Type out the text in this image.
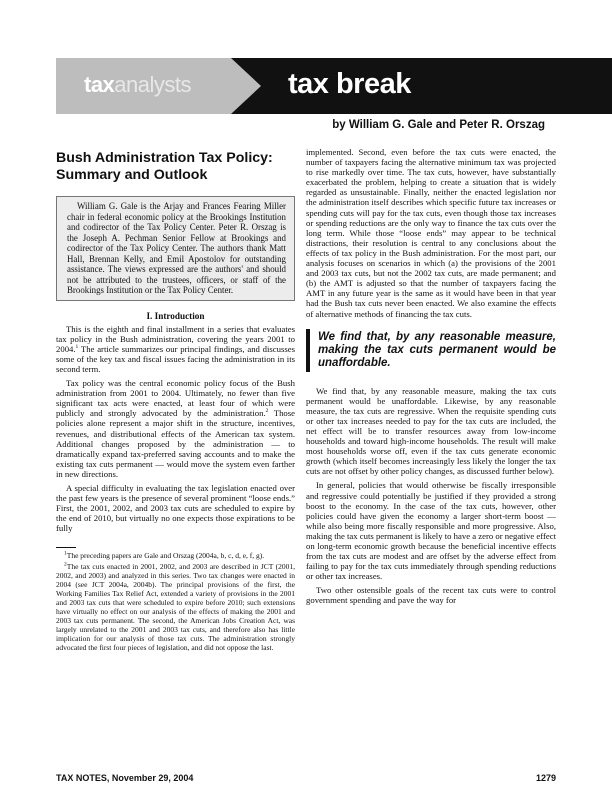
taxanalysts	tax break
by William G. Gale and Peter R. Orszag
Bush Administration Tax Policy: Summary and Outlook
William G. Gale is the Arjay and Frances Fearing Miller chair in federal economic policy at the Brookings Institution and codirector of the Tax Policy Center. Peter R. Orszag is the Joseph A. Pechman Senior Fellow at Brookings and codirector of the Tax Policy Center. The authors thank Matt Hall, Brennan Kelly, and Emil Apostolov for outstanding assistance. The views expressed are the authors' and should not be attributed to the trustees, officers, or staff of the Brookings Institution or the Tax Policy Center.
I. Introduction

This is the eighth and final installment in a series that evaluates tax policy in the Bush administration, covering the years 2001 to 2004.$^1$ The article summarizes our principal findings, and discusses some of the key tax and fiscal issues facing the administration in its second term.

Tax policy was the central economic policy focus of the Bush administration from 2001 to 2004. Ultimately, no fewer than five significant tax acts were enacted, at least four of which were publicly and strongly advocated by the administration.$^2$ Those policies alone represent a major shift in the structure, incentives, revenues, and distributional effects of the American tax system. Additional changes proposed by the administration — to dramatically expand tax-preferred saving accounts and to make the existing tax cuts permanent — would move the system even farther in new directions.

A special difficulty in evaluating the tax legislation enacted over the past few years is the presence of several prominent “loose ends.” First, the 2001, 2002, and 2003 tax cuts are scheduled to expire by the end of 2010, but virtually no one expects those expirations to be fully

$^1$The preceding papers are Gale and Orszag (2004a, b, c, d, e, f, g).

$^2$The tax cuts enacted in 2001, 2002, and 2003 are described in JCT (2001, 2002, and 2003) and analyzed in this series. Two tax changes were enacted in 2004 (see JCT 2004a, 2004b). The principal provisions of the first, the Working Families Tax Relief Act, extended a variety of provisions in the 2001 and 2003 tax cuts that were scheduled to expire before 2010; such extensions have virtually no effect on our analysis of the effects of making the 2001 and 2003 tax cuts permanent. The second, the American Jobs Creation Act, was largely unrelated to the 2001 and 2003 tax cuts, and therefore also has little implication for our analysis of those tax cuts. The administration strongly advocated the first four pieces of legislation, and did not oppose the last.

implemented. Second, even before the tax cuts were enacted, the number of taxpayers facing the alternative minimum tax was projected to rise markedly over time. The tax cuts, however, have substantially exacerbated the problem, helping to create a situation that is widely regarded as unsustainable. Finally, neither the enacted legislation nor the administration itself describes which specific future tax increases or spending cuts will pay for the tax cuts, even though those tax increases or spending reductions are the only way to finance the tax cuts over the long term. While those “loose ends” may appear to be technical distractions, their resolution is central to any conclusions about the effects of tax policy in the Bush administration. For the most part, our analysis focuses on scenarios in which (a) the provisions of the 2001 and 2003 tax cuts, but not the 2002 tax cuts, are made permanent; and (b) the AMT is adjusted so that the number of taxpayers facing the AMT in any future year is the same as it would have been in that year had the Bush tax cuts never been enacted. We also examine the effects of alternative methods of financing the tax cuts.

We find that, by any reasonable measure, making the tax cuts permanent would be unaffordable.

We find that, by any reasonable measure, making the tax cuts permanent would be unaffordable. Likewise, by any reasonable measure, the tax cuts are regressive. When the requisite spending cuts or other tax increases needed to pay for the tax cuts are included, the net effect will be to transfer resources away from low-income households and toward high-income households. The result will make most households worse off, even if the tax cuts generate economic growth (which itself becomes increasingly less likely the longer the tax cuts are not offset by other policy changes, as discussed further below).

In general, policies that would otherwise be fiscally irresponsible and regressive could potentially be justified if they provided a strong boost to the economy. In the case of the tax cuts, however, other policies could have given the economy a larger short-term boost — while also being more fiscally responsible and more progressive. Also, making the tax cuts permanent is likely to have a zero or negative effect on long-term economic growth because the beneficial incentive effects from the tax cuts are modest and are offset by the adverse effect from failing to pay for the tax cuts immediately through spending reductions or other tax increases.

Two other ostensible goals of the recent tax cuts were to control government spending and pave the way for

TAX NOTES, November 29, 2004	1279
